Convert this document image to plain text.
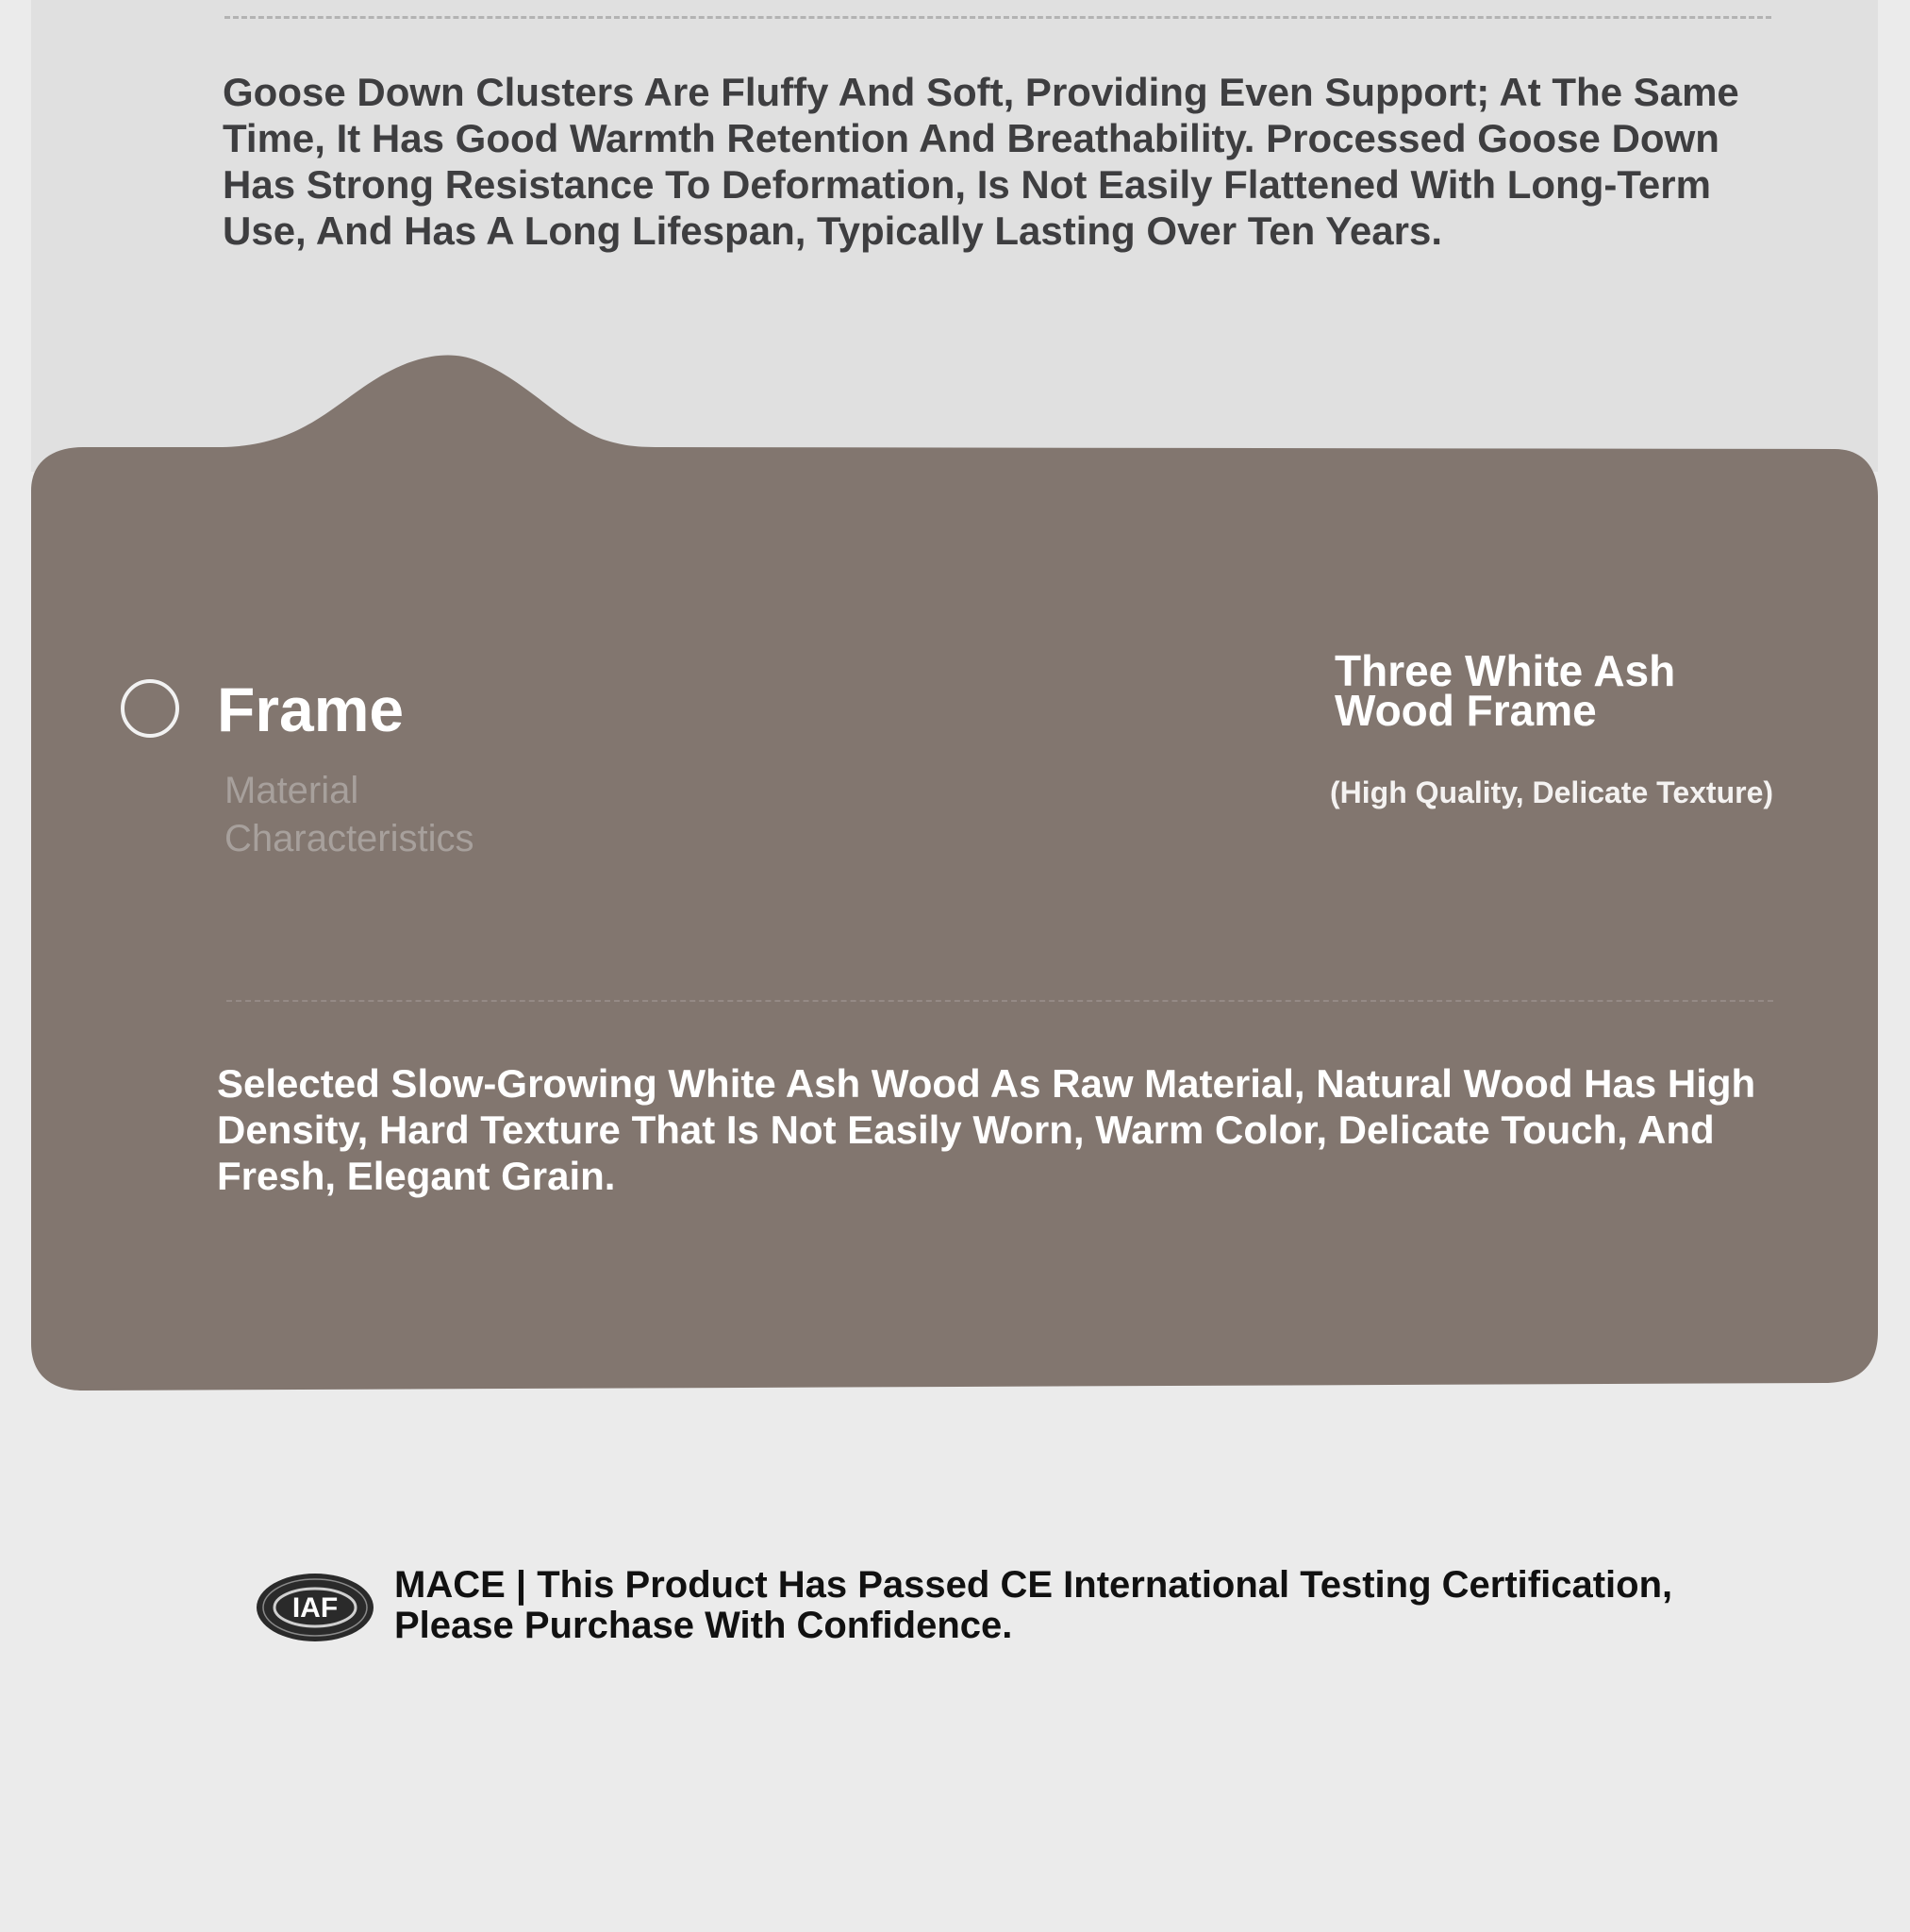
Goose Down Clusters Are Fluffy And Soft, Providing Even Support; At The Same Time, It Has Good Warmth Retention And Breathability. Processed Goose Down Has Strong Resistance To Deformation, Is Not Easily Flattened With Long-Term Use, And Has A Long Lifespan, Typically Lasting Over Ten Years.

Frame
Material Characteristics
Three White Ash Wood Frame
(High Quality, Delicate Texture)

Selected Slow-Growing White Ash Wood As Raw Material, Natural Wood Has High Density, Hard Texture That Is Not Easily Worn, Warm Color, Delicate Touch, And Fresh, Elegant Grain.

IAF

MACE | This Product Has Passed CE International Testing Certification, Please Purchase With Confidence.
